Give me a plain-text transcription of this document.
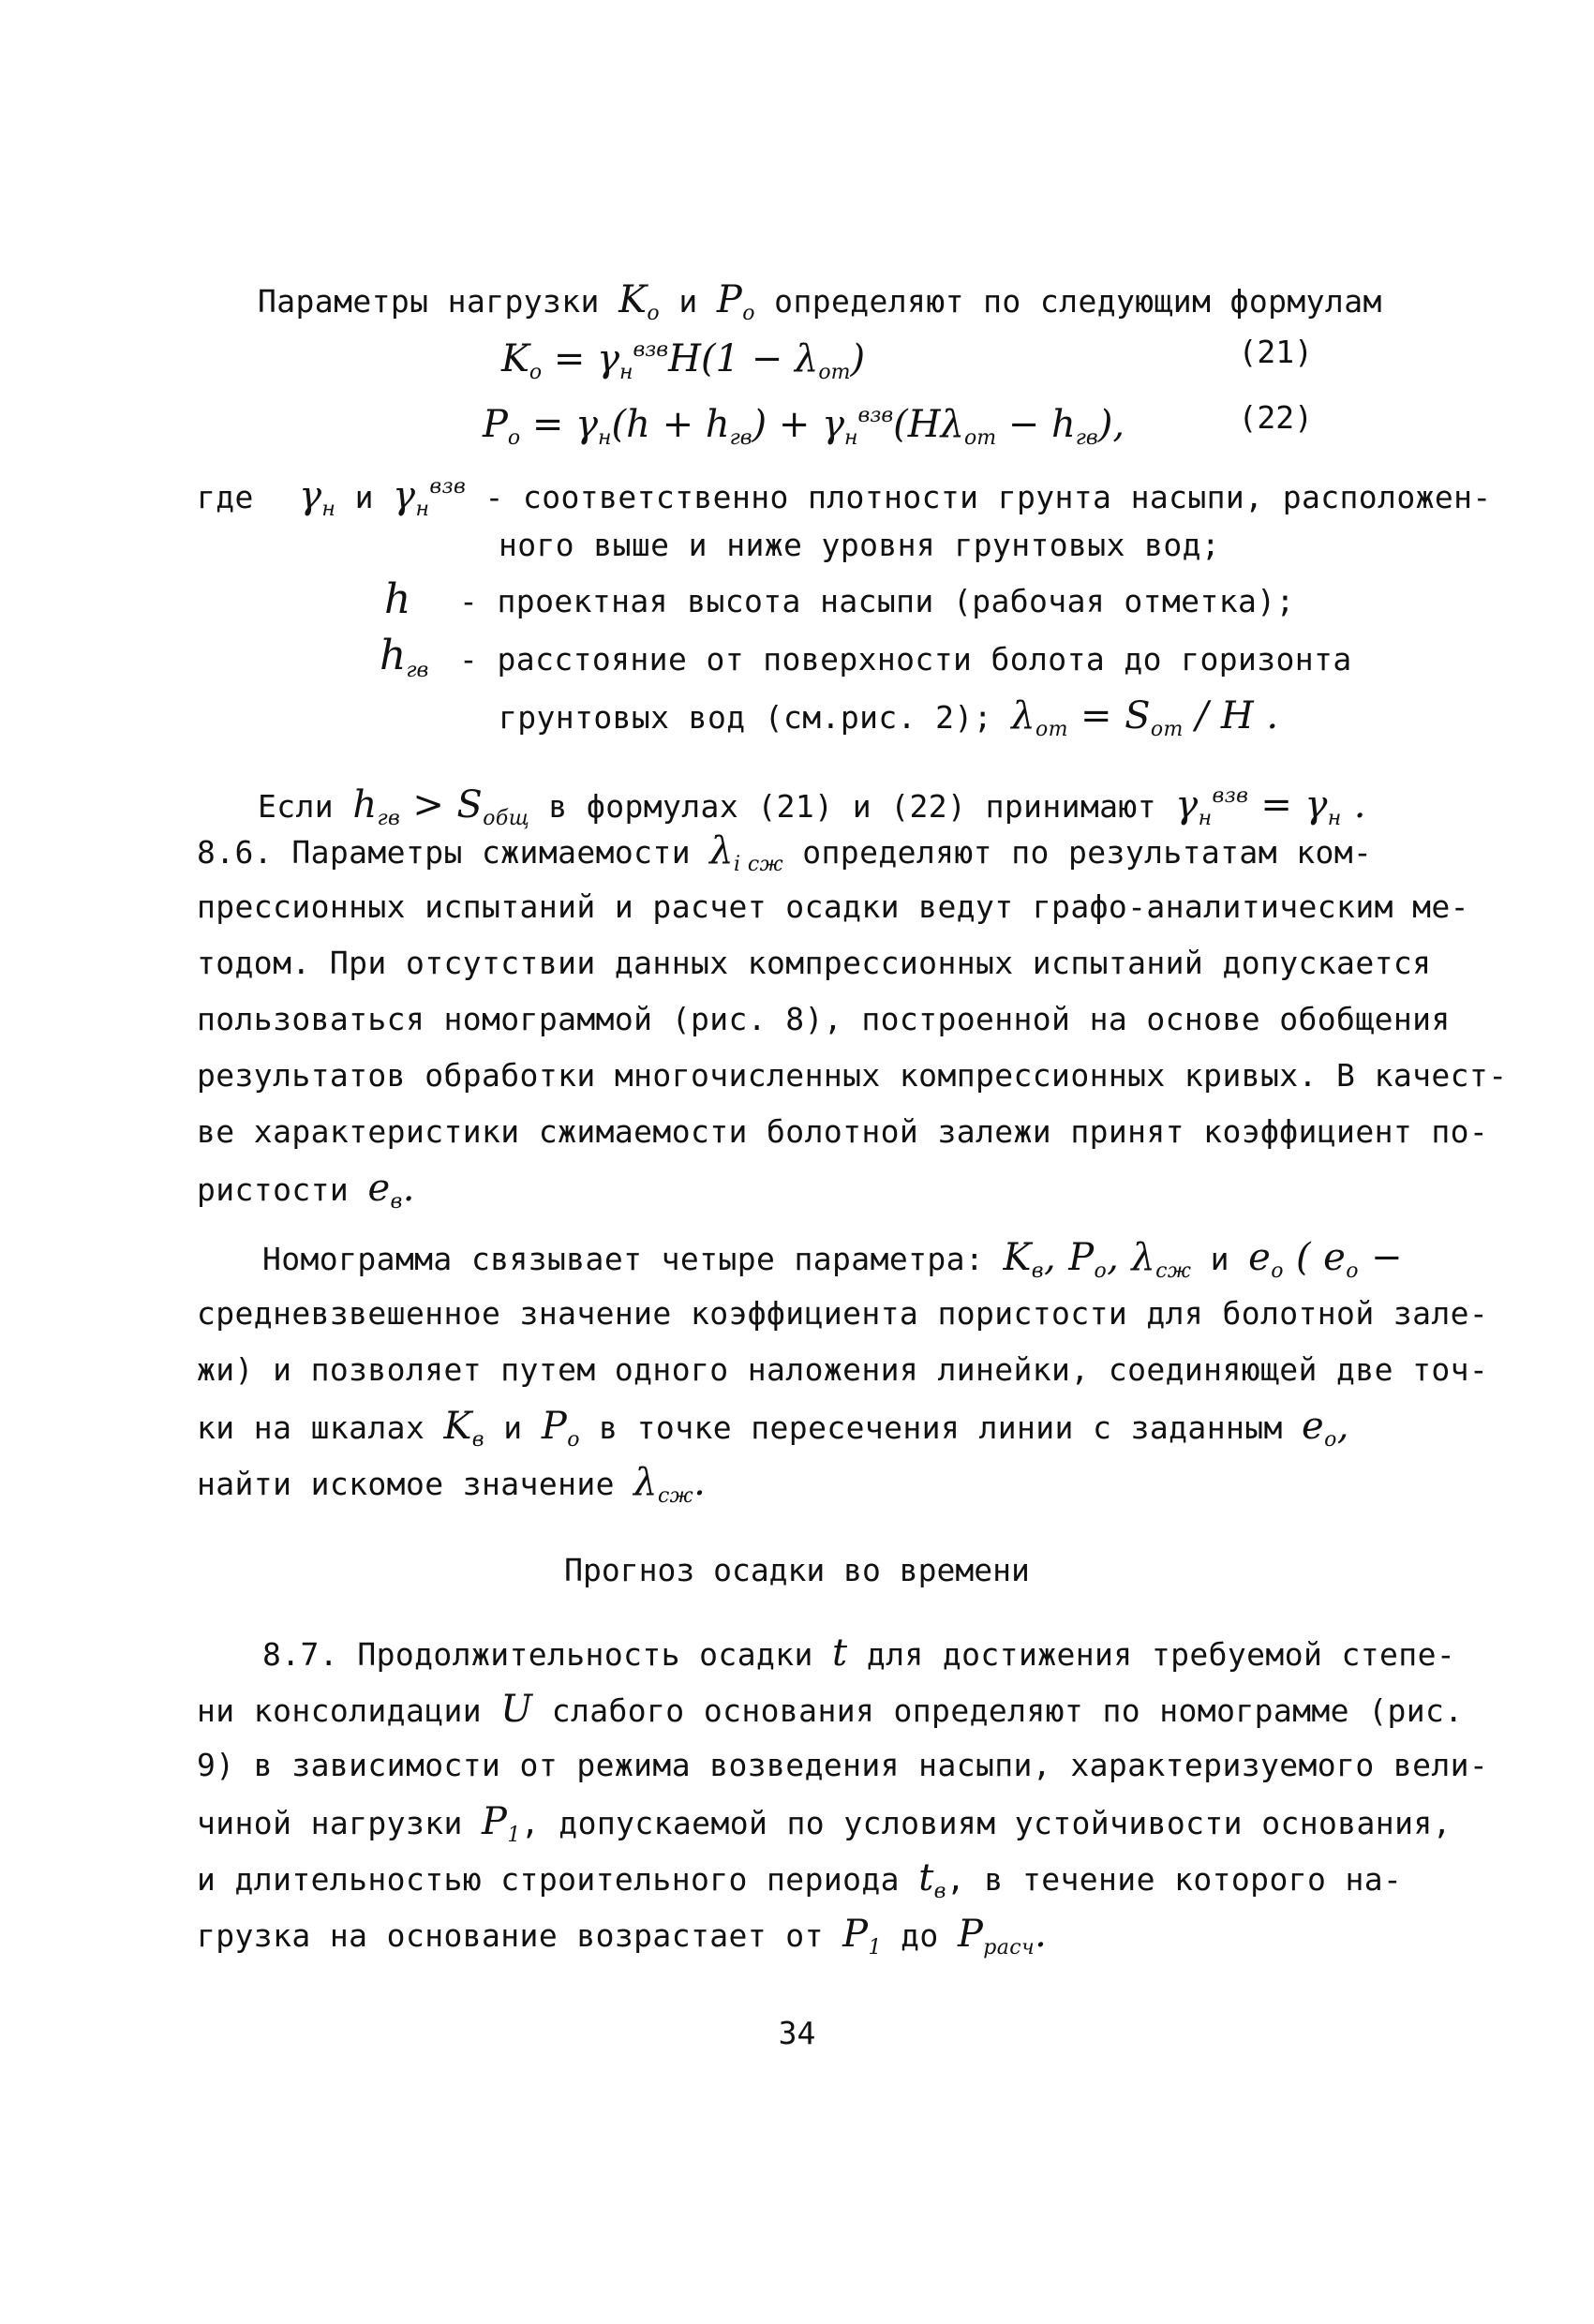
Параметры нагрузки $K_o$ и $P_o$ определяют по следующим формулам
$K_o = \gamma_н^{взв}H(1 - \lambda_{от})$	(21)
$P_o = \gamma_н(h + h_{гв}) + \gamma_н^{взв}(H\lambda_{от} - h_{гв})$,	(22)
где $\gamma_н$ и $\gamma_н^{взв}$ - соответственно плотности грунта насыпи, расположен-
ного выше и ниже уровня грунтовых вод;
h - проектная высота насыпи (рабочая отметка);
$h_{гв}$ - расстояние от поверхности болота до горизонта
грунтовых вод (см.рис. 2); $\lambda_{от} = S_{от} / H$ .
Если $h_{гв} > S_{общ}$ в формулах (21) и (22) принимают $\gamma_н^{взв} = \gamma_н$ .
8.6. Параметры сжимаемости $\lambda_{i сж}$ определяют по результатам ком-
прессионных испытаний и расчет осадки ведут графо-аналитическим ме-
тодом. При отсутствии данных компрессионных испытаний допускается
пользоваться номограммой (рис. 8), построенной на основе обобщения
результатов обработки многочисленных компрессионных кривых. В качест-
ве характеристики сжимаемости болотной залежи принят коэффициент по-
ристости $e_в$.
Номограмма связывает четыре параметра: $K_в$, $P_о$, $\lambda_{сж}$ и $e_о$ ( $e_о$ −
средневзвешенное значение коэффициента пористости для болотной зале-
жи) и позволяет путем одного наложения линейки, соединяющей две точ-
ки на шкалах $K_в$ и $P_о$ в точке пересечения линии с заданным $e_о$,
найти искомое значение $\lambda_{сж}$.
Прогноз осадки во времени
8.7. Продолжительность осадки t для достижения требуемой степе-
ни консолидации U слабого основания определяют по номограмме (рис.
9) в зависимости от режима возведения насыпи, характеризуемого вели-
чиной нагрузки $P_1$, допускаемой по условиям устойчивости основания,
и длительностью строительного периода $t_в$, в течение которого на-
грузка на основание возрастает от $P_1$ до $P_{расч}$.
34
